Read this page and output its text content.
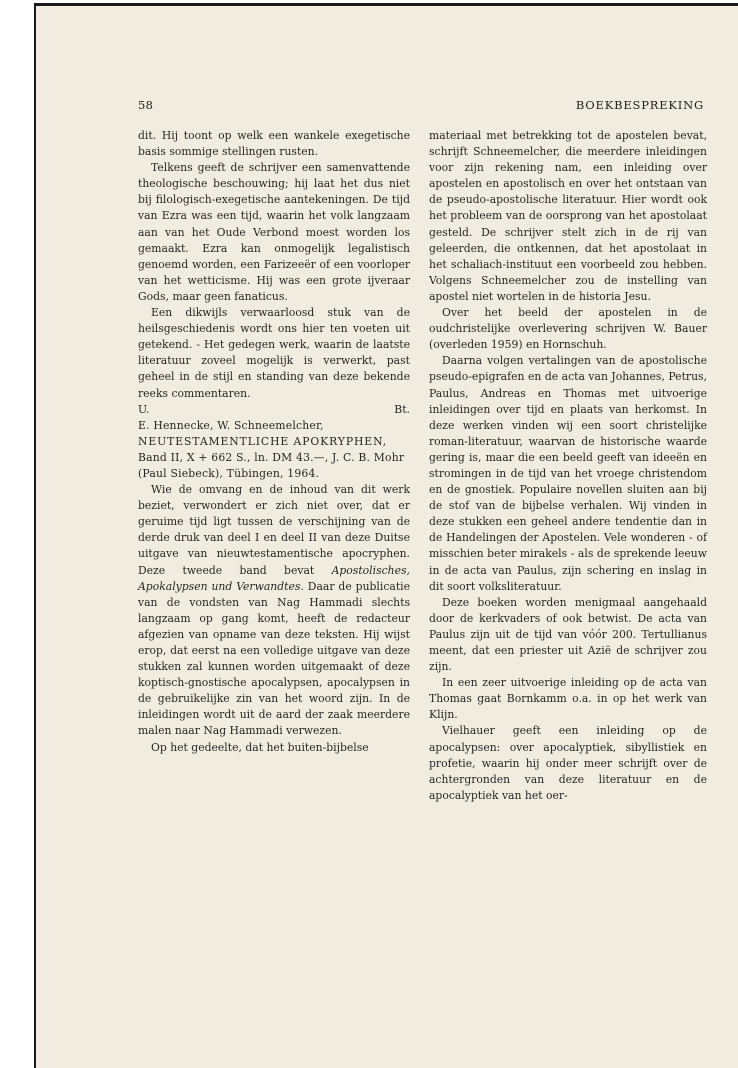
58	BOEKBESPREKING

dit. Hij toont op welk een wankele exegetische basis sommige stellingen rusten.

Telkens geeft de schrijver een samenvattende theologische beschouwing; hij laat het dus niet bij filologisch-exegetische aantekeningen. De tijd van Ezra was een tijd, waarin het volk langzaam aan van het Oude Verbond moest worden los gemaakt. Ezra kan onmogelijk legalistisch genoemd worden, een Farizeeër of een voorloper van het wetticisme. Hij was een grote ijveraar Gods, maar geen fanaticus.

Een dikwijls verwaarloosd stuk van de heilsgeschiedenis wordt ons hier ten voeten uit getekend. - Het gedegen werk, waarin de laatste literatuur zoveel mogelijk is verwerkt, past geheel in de stijl en standing van deze bekende reeks commentaren.

U.	Bt.

E. Hennecke, W. Schneemelcher, NEUTESTAMENTLICHE APOKRYPHEN, Band II, X + 662 S., ln. DM 43.—, J. C. B. Mohr (Paul Siebeck), Tübingen, 1964.

Wie de omvang en de inhoud van dit werk beziet, verwondert er zich niet over, dat er geruime tijd ligt tussen de verschijning van de derde druk van deel I en deel II van deze Duitse uitgave van nieuwtestamentische apocryphen. Deze tweede band bevat Apostolisches, Apokalypsen und Verwandtes. Daar de publicatie van de vondsten van Nag Hammadi slechts langzaam op gang komt, heeft de redacteur afgezien van opname van deze teksten. Hij wijst erop, dat eerst na een volledige uitgave van deze stukken zal kunnen worden uitgemaakt of deze koptisch-gnostische apocalypsen, apocalypsen in de gebruikelijke zin van het woord zijn. In de inleidingen wordt uit de aard der zaak meerdere malen naar Nag Hammadi verwezen.

Op het gedeelte, dat het buiten-bijbelse

materiaal met betrekking tot de apostelen bevat, schrijft Schneemelcher, die meerdere inleidingen voor zijn rekening nam, een inleiding over apostelen en apostolisch en over het ontstaan van de pseudo-apostolische literatuur. Hier wordt ook het probleem van de oorsprong van het apostolaat gesteld. De schrijver stelt zich in de rij van geleerden, die ontkennen, dat het apostolaat in het schaliach-instituut een voorbeeld zou hebben. Volgens Schneemelcher zou de instelling van apostel niet wortelen in de historia Jesu.

Over het beeld der apostelen in de oudchristelijke overlevering schrijven W. Bauer (overleden 1959) en Hornschuh.

Daarna volgen vertalingen van de apostolische pseudo-epigrafen en de acta van Johannes, Petrus, Paulus, Andreas en Thomas met uitvoerige inleidingen over tijd en plaats van herkomst. In deze werken vinden wij een soort christelijke roman-literatuur, waarvan de historische waarde gering is, maar die een beeld geeft van ideeën en stromingen in de tijd van het vroege christendom en de gnostiek. Populaire novellen sluiten aan bij de stof van de bijbelse verhalen. Wij vinden in deze stukken een geheel andere tendentie dan in de Handelingen der Apostelen. Vele wonderen - of misschien beter mirakels - als de sprekende leeuw in de acta van Paulus, zijn schering en inslag in dit soort volksliteratuur.

Deze boeken worden menigmaal aangehaald door de kerkvaders of ook betwist. De acta van Paulus zijn uit de tijd van vóór 200. Tertullianus meent, dat een priester uit Azië de schrijver zou zijn.

In een zeer uitvoerige inleiding op de acta van Thomas gaat Bornkamm o.a. in op het werk van Klijn.

Vielhauer geeft een inleiding op de apocalypsen: over apocalyptiek, sibyllistiek en profetie, waarin hij onder meer schrijft over de achtergronden van deze literatuur en de apocalyptiek van het oer-
